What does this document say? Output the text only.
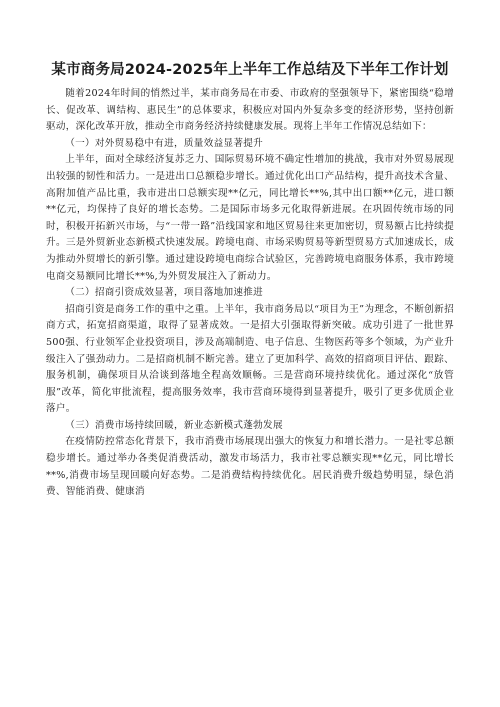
某市商务局2024-2025年上半年工作总结及下半年工作计划

随着2024年时间的悄然过半，某市商务局在市委、市政府的坚强领导下，紧密围绕“稳增长、促改革、调结构、惠民生”的总体要求，积极应对国内外复杂多变的经济形势，坚持创新驱动，深化改革开放，推动全市商务经济持续健康发展。现将上半年工作情况总结如下：

（一）对外贸易稳中有进，质量效益显著提升

上半年，面对全球经济复苏乏力、国际贸易环境不确定性增加的挑战，我市对外贸易展现出较强的韧性和活力。一是进出口总额稳步增长。通过优化出口产品结构，提升高技术含量、高附加值产品比重，我市进出口总额实现**亿元，同比增长**%,其中出口额**亿元，进口额**亿元，均保持了良好的增长态势。二是国际市场多元化取得新进展。在巩固传统市场的同时，积极开拓新兴市场，与“一带一路”沿线国家和地区贸易往来更加密切，贸易额占比持续提升。三是外贸新业态新模式快速发展。跨境电商、市场采购贸易等新型贸易方式加速成长，成为推动外贸增长的新引擎。通过建设跨境电商综合试验区，完善跨境电商服务体系，我市跨境电商交易额同比增长**%,为外贸发展注入了新动力。

（二）招商引资成效显著，项目落地加速推进

招商引资是商务工作的重中之重。上半年，我市商务局以“项目为王”为理念，不断创新招商方式，拓宽招商渠道，取得了显著成效。一是招大引强取得新突破。成功引进了一批世界500强、行业领军企业投资项目，涉及高端制造、电子信息、生物医药等多个领域，为产业升级注入了强劲动力。二是招商机制不断完善。建立了更加科学、高效的招商项目评估、跟踪、服务机制，确保项目从洽谈到落地全程高效顺畅。三是营商环境持续优化。通过深化“放管服”改革，简化审批流程，提高服务效率，我市营商环境得到显著提升，吸引了更多优质企业落户。

（三）消费市场持续回暖，新业态新模式蓬勃发展

在疫情防控常态化背景下，我市消费市场展现出强大的恢复力和增长潜力。一是社零总额稳步增长。通过举办各类促消费活动，激发市场活力，我市社零总额实现**亿元，同比增长**%,消费市场呈现回暖向好态势。二是消费结构持续优化。居民消费升级趋势明显，绿色消费、智能消费、健康消
